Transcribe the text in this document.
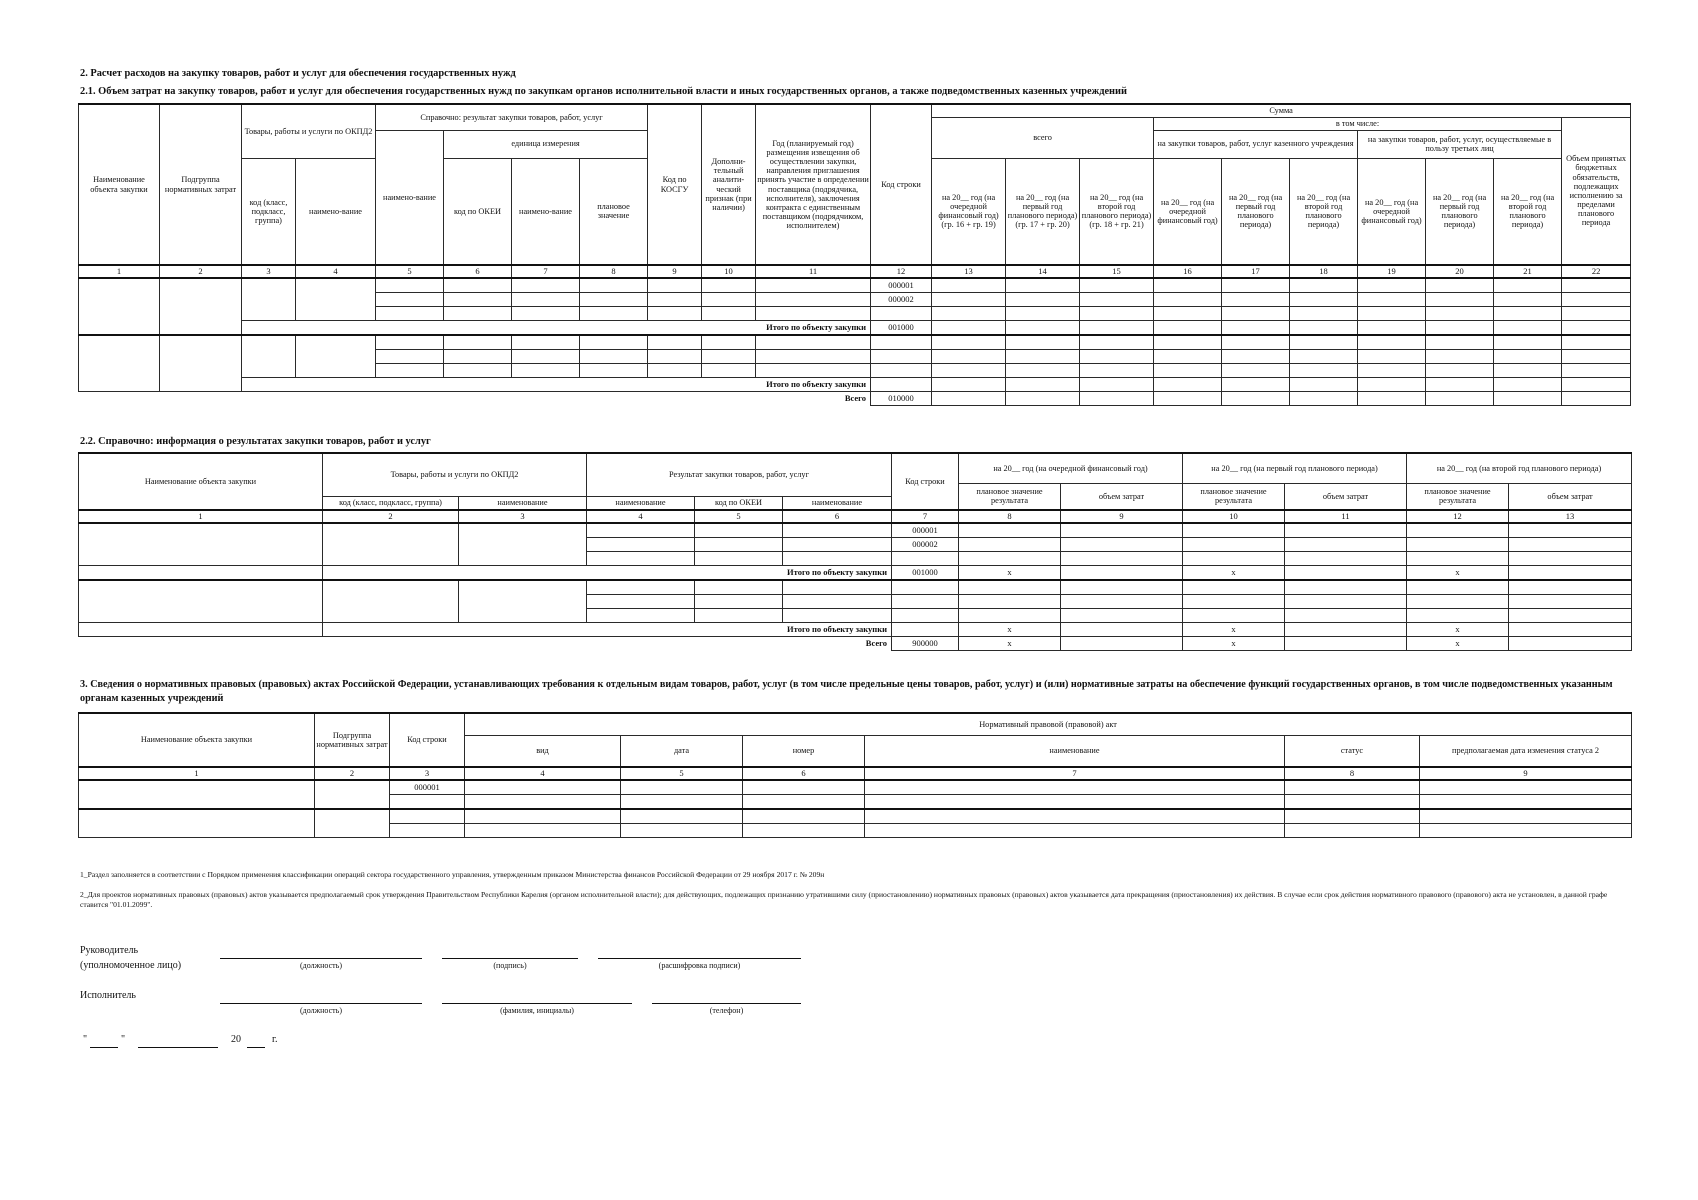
2. Расчет расходов на закупку товаров, работ и услуг для обеспечения государственных нужд
2.1. Объем затрат на закупку товаров, работ и услуг для обеспечения государственных нужд по закупкам органов исполнительной власти и иных государственных органов, а также подведомственных казенных учреждений
Наименование объекта закупки	Подгруппа нормативных затрат	Товары, работы и услуги по ОКПД2		Справочно: результат закупки товаров, работ, услуг				Код по КОСГУ	Дополни-тельный аналити-ческий признак (при наличии)	Год (планируемый год) размещения извещения об осуществлении закупки, направления приглашения принять участие в определении поставщика (подрядчика, исполнителя), заключения контракта с единственным поставщиком (подрядчиком, исполнителем)	Код строки	Сумма									
												всего			в том числе:						Объем принятых бюджетных обязательств, подлежащих исполнению за пределами планового периода
				наимено-вание	единица измерения										на закупки товаров, работ, услуг казенного учреждения			на закупки товаров, работ, услуг, осуществляемые в пользу третьих лиц			
		код (класс, подкласс, группа)	наимено-вание		код по ОКЕИ	наимено-вание	плановое значение					на 20__ год (на очередной финансовый год) (гр. 16 + гр. 19)	на 20__ год (на первый год планового периода) (гр. 17 + гр. 20)	на 20__ год (на второй год планового периода) (гр. 18 + гр. 21)	на 20__ год (на очередной финансовый год)	на 20__ год (на первый год планового периода)	на 20__ год (на второй год планового периода)	на 20__ год (на очередной финансовый год)	на 20__ год (на первый год планового периода)	на 20__ год (на второй год планового периода)	
1	2	3	4	5	6	7	8	9	10	11	12	13	14	15	16	17	18	19	20	21	22
											000001										
											000002										

		Итого по объекту закупки									001000										

		Итого по объекту закупки																			
Всего											010000										
2.2. Справочно: информация о результатах закупки товаров, работ и услуг
Наименование объекта закупки	Товары, работы и услуги по ОКПД2		Результат закупки товаров, работ, услуг			Код строки	на 20__ год (на очередной финансовый год)		на 20__ год (на первый год планового периода)		на 20__ год (на второй год планового периода)	
							плановое значение результата	объем затрат	плановое значение результата	объем затрат	плановое значение результата	объем затрат
	код (класс, подкласс, группа)	наименование	наименование	код по ОКЕИ	наименование							
1	2	3	4	5	6	7	8	9	10	11	12	13
						000001						
						000002						

	Итого по объекту закупки					001000	x		x		x	

	Итого по объекту закупки						x		x		x	
Всего						900000	x		x		x	
3. Сведения о нормативных правовых (правовых) актах Российской Федерации, устанавливающих требования к отдельным видам товаров, работ, услуг (в том числе предельные цены товаров, работ, услуг) и (или) нормативные затраты на обеспечение функций государственных органов, в том числе подведомственных указанным органам казенных учреждений
Наименование объекта закупки	Подгруппа нормативных затрат	Код строки	Нормативный правовой (правовой) акт					
			вид	дата	номер	наименование	статус	предполагаемая дата изменения статуса 2
1	2	3	4	5	6	7	8	9
		000001						

1_Раздел заполняется в соответствии с Порядком применения классификации операций сектора государственного управления, утвержденным приказом Министерства финансов Российской Федерации от 29 ноября 2017 г. № 209н
2_Для проектов нормативных правовых (правовых) актов указывается предполагаемый срок утверждения Правительством Республики Карелия (органом исполнительной власти); для действующих, подлежащих признанию утратившими силу (приостановлению) нормативных правовых (правовых) актов указывается дата прекращения (приостановления) их действия. В случае если срок действия нормативного правового (правового) акта не установлен, в данной графе ставится "01.01.2099".
Руководитель
(уполномоченное лицо)	(должность)	(подпись)	(расшифровка подписи)
Исполнитель
(должность)	(фамилия, инициалы)	(телефон)
"	"	20	г.
